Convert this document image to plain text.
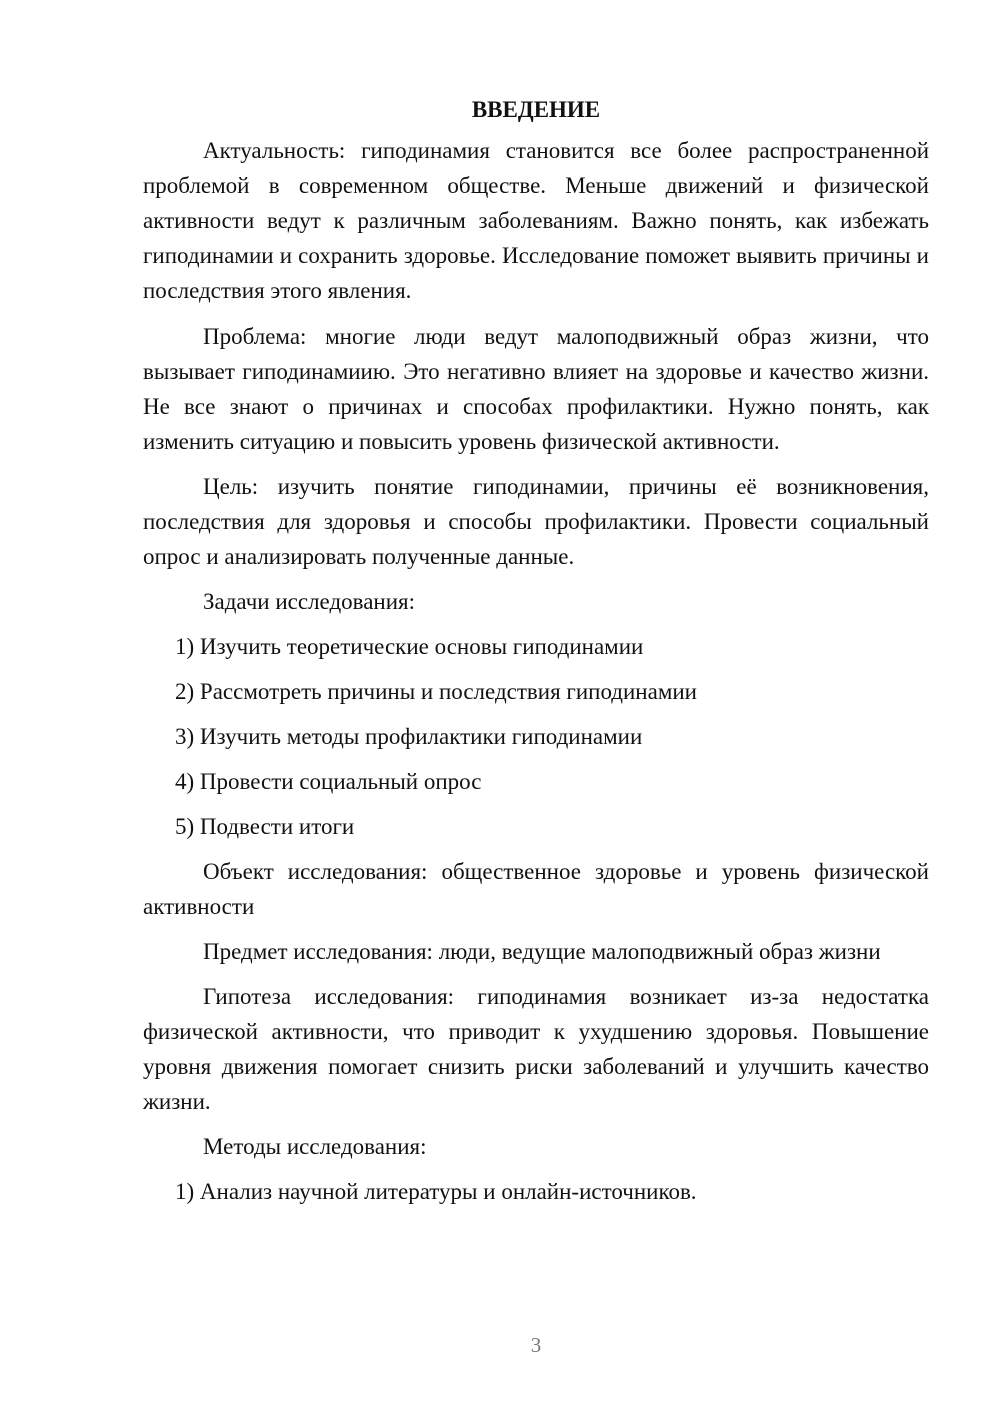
ВВЕДЕНИЕ

Актуальность: гиподинамия становится все более распространенной проблемой в современном обществе. Меньше движений и физической активности ведут к различным заболеваниям. Важно понять, как избежать гиподинамии и сохранить здоровье. Исследование поможет выявить причины и последствия этого явления.

Проблема: многие люди ведут малоподвижный образ жизни, что вызывает гиподинамиию. Это негативно влияет на здоровье и качество жизни. Не все знают о причинах и способах профилактики. Нужно понять, как изменить ситуацию и повысить уровень физической активности.

Цель: изучить понятие гиподинамии, причины её возникновения, последствия для здоровья и способы профилактики. Провести социальный опрос и анализировать полученные данные.

Задачи исследования:
1) Изучить теоретические основы гиподинамии
2) Рассмотреть причины и последствия гиподинамии
3) Изучить методы профилактики гиподинамии
4) Провести социальный опрос
5) Подвести итоги

Объект исследования: общественное здоровье и уровень физической активности

Предмет исследования: люди, ведущие малоподвижный образ жизни

Гипотеза исследования: гиподинамия возникает из-за недостатка физической активности, что приводит к ухудшению здоровья. Повышение уровня движения помогает снизить риски заболеваний и улучшить качество жизни.

Методы исследования:
1) Анализ научной литературы и онлайн-источников.
3
